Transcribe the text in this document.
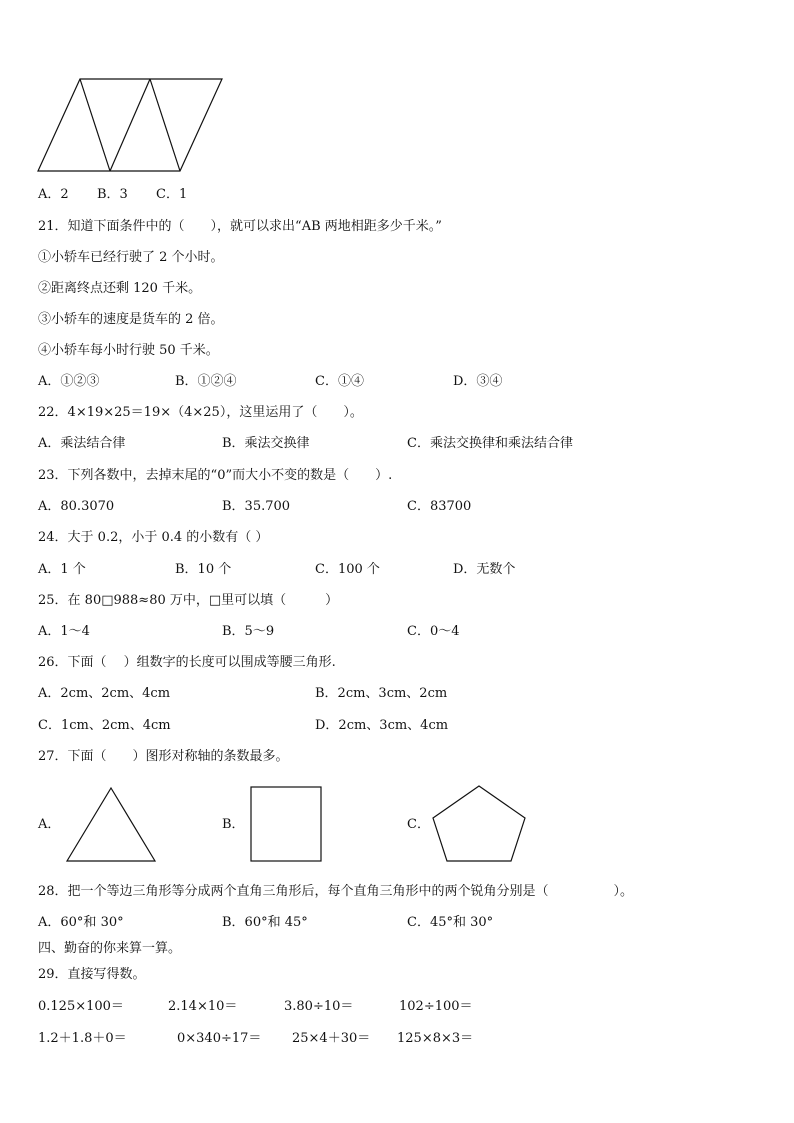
A．2 B．3 C．1
21．知道下面条件中的（　　），就可以求出“AB 两地相距多少千米。”
①小轿车已经行驶了 2 个小时。
②距离终点还剩 120 千米。
③小轿车的速度是货车的 2 倍。
④小轿车每小时行驶 50 千米。
A．①②③	B．①②④	C．①④	D．③④
22．4×19×25＝19×（4×25），这里运用了（　　）。
A．乘法结合律	B．乘法交换律	C．乘法交换律和乘法结合律
23．下列各数中，去掉末尾的“0”而大小不变的数是（　　）.
A．80.3070	B．35.700	C．83700
24．大于 0.2，小于 0.4 的小数有（ ）
A．1 个	B．10 个	C．100 个	D．无数个
25．在 80□988≈80 万中，□里可以填（　　　）
A．1～4	B．5～9	C．0～4
26．下面（　 ）组数字的长度可以围成等腰三角形.
A．2cm、2cm、4cm	B．2cm、3cm、2cm
C．1cm、2cm、4cm	D．2cm、3cm、4cm
27．下面（　　）图形对称轴的条数最多。
A．	B．	C．
28．把一个等边三角形等分成两个直角三角形后，每个直角三角形中的两个锐角分别是（　　　　　）。
A．60°和 30°	B．60°和 45°	C．45°和 30°
四、勤奋的你来算一算。
29．直接写得数。
0.125×100＝	2.14×10＝	3.80÷10＝	102÷100＝
1.2＋1.8＋0＝	0×340÷17＝ 25×4＋30＝ 125×8×3＝
